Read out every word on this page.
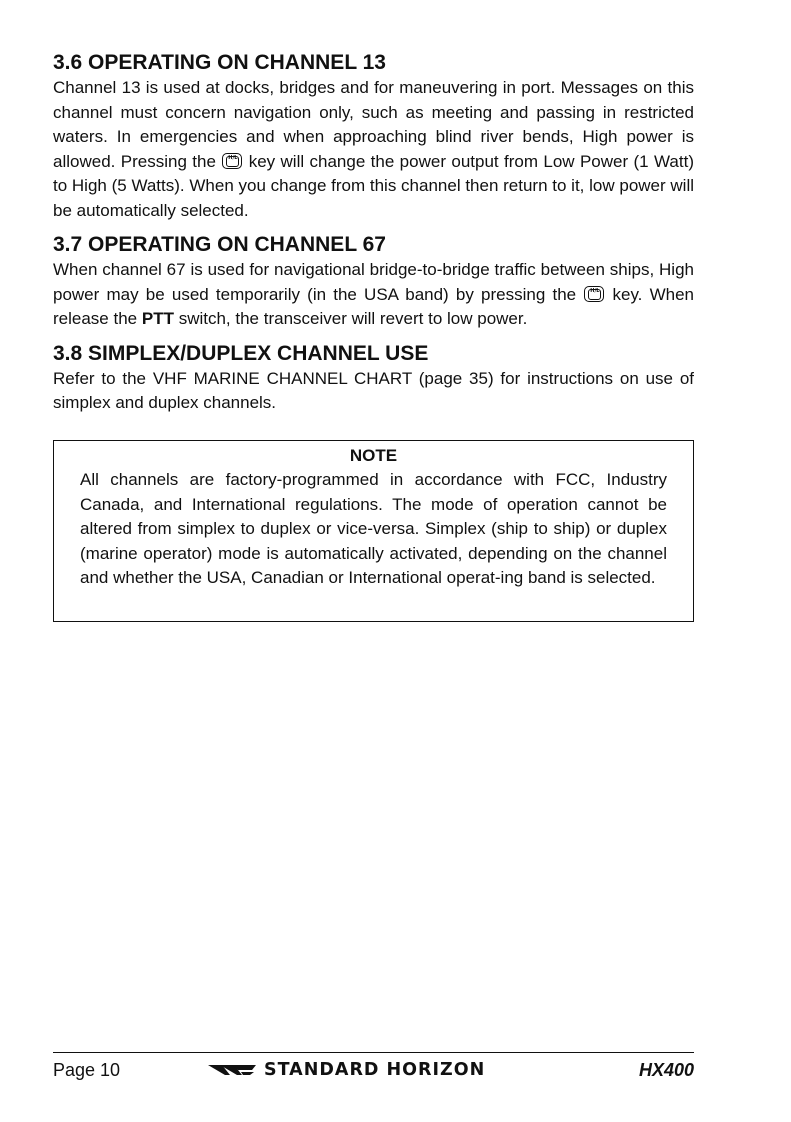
3.6 OPERATING ON CHANNEL 13

Channel 13 is used at docks, bridges and for maneuvering in port. Messages on this channel must concern navigation only, such as meeting and passing in restricted waters. In emergencies and when approaching blind river bends, High power is allowed. Pressing the H/L key will change the power output from Low Power (1 Watt) to High (5 Watts). When you change from this channel then return to it, low power will be automatically selected.

3.7 OPERATING ON CHANNEL 67

When channel 67 is used for navigational bridge-to-bridge traffic between ships, High power may be used temporarily (in the USA band) by pressing the H/L key. When release the PTT switch, the transceiver will revert to low power.

3.8 SIMPLEX/DUPLEX CHANNEL USE

Refer to the VHF MARINE CHANNEL CHART (page 35) for instructions on use of simplex and duplex channels.

NOTE

All channels are factory-programmed in accordance with FCC, Industry Canada, and International regulations. The mode of operation cannot be altered from simplex to duplex or vice-versa. Simplex (ship to ship) or duplex (marine operator) mode is automatically activated, depending on the channel and whether the USA, Canadian or International operat-ing band is selected.

Page 10	STANDARD HORIZON	HX400
